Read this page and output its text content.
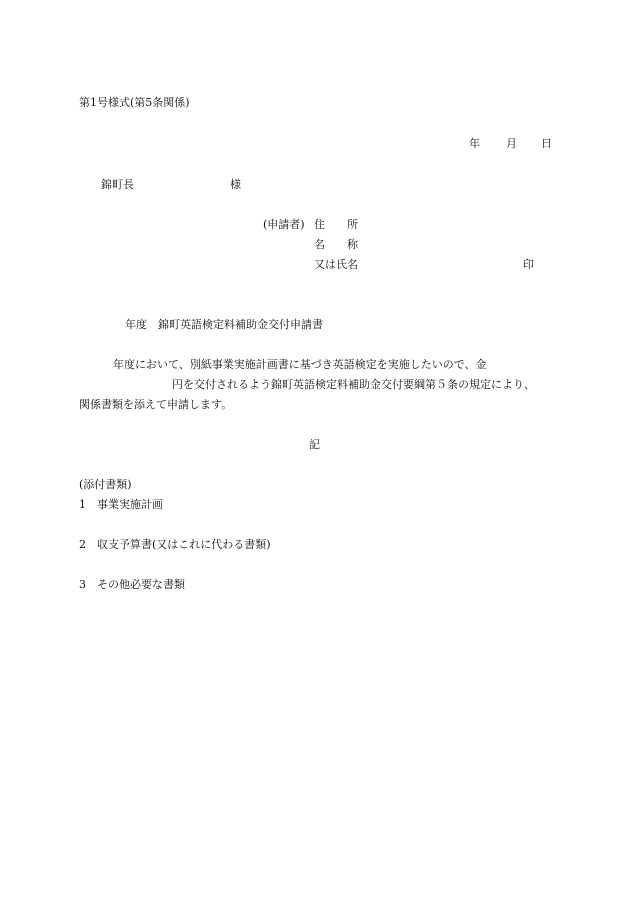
第1号様式(第5条関係)
年 月 日
錦町長	様
(申請者) 住　　所
名　　称
又は氏名	印
年度　錦町英語検定料補助金交付申請書
年度において、別紙事業実施計画書に基づき英語検定を実施したいので、金
円を交付されるよう錦町英語検定料補助金交付要綱第５条の規定により、
関係書類を添えて申請します。
記
(添付書類)
1　事業実施計画
2　収支予算書(又はこれに代わる書類)
3　その他必要な書類
